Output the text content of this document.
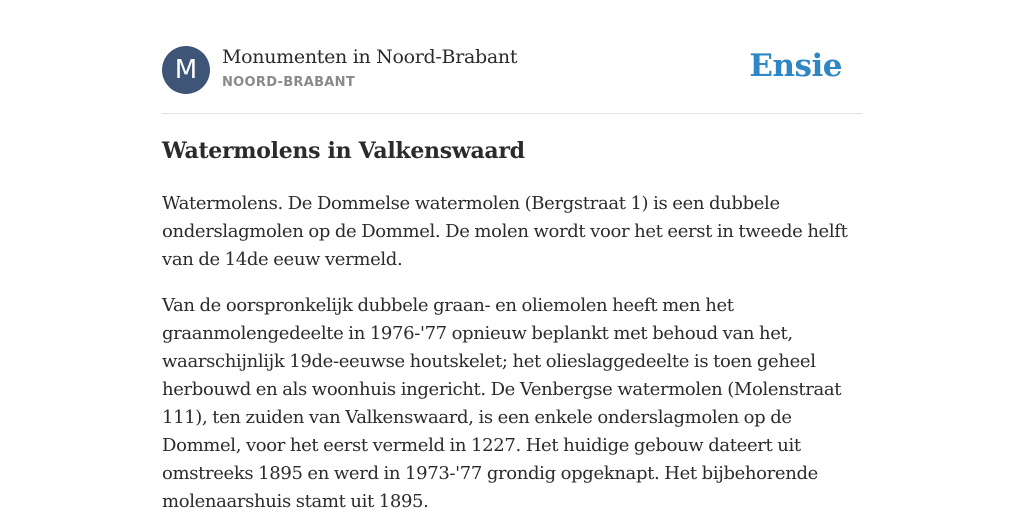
M	Monumenten in Noord-Brabant
NOORD-BRABANT	Ensie
Watermolens in Valkenswaard

Watermolens. De Dommelse watermolen (Bergstraat 1) is een dubbele onderslagmolen op de Dommel. De molen wordt voor het eerst in tweede helft van de 14de eeuw vermeld.

Van de oorspronkelijk dubbele graan- en oliemolen heeft men het graanmolengedeelte in 1976-'77 opnieuw beplankt met behoud van het, waarschijnlijk 19de-eeuwse houtskelet; het olieslaggedeelte is toen geheel herbouwd en als woonhuis ingericht. De Venbergse watermolen (Molenstraat 111), ten zuiden van Valkenswaard, is een enkele onderslagmolen op de Dommel, voor het eerst vermeld in 1227. Het huidige gebouw dateert uit omstreeks 1895 en werd in 1973-'77 grondig opgeknapt. Het bijbehorende molenaarshuis stamt uit 1895.
